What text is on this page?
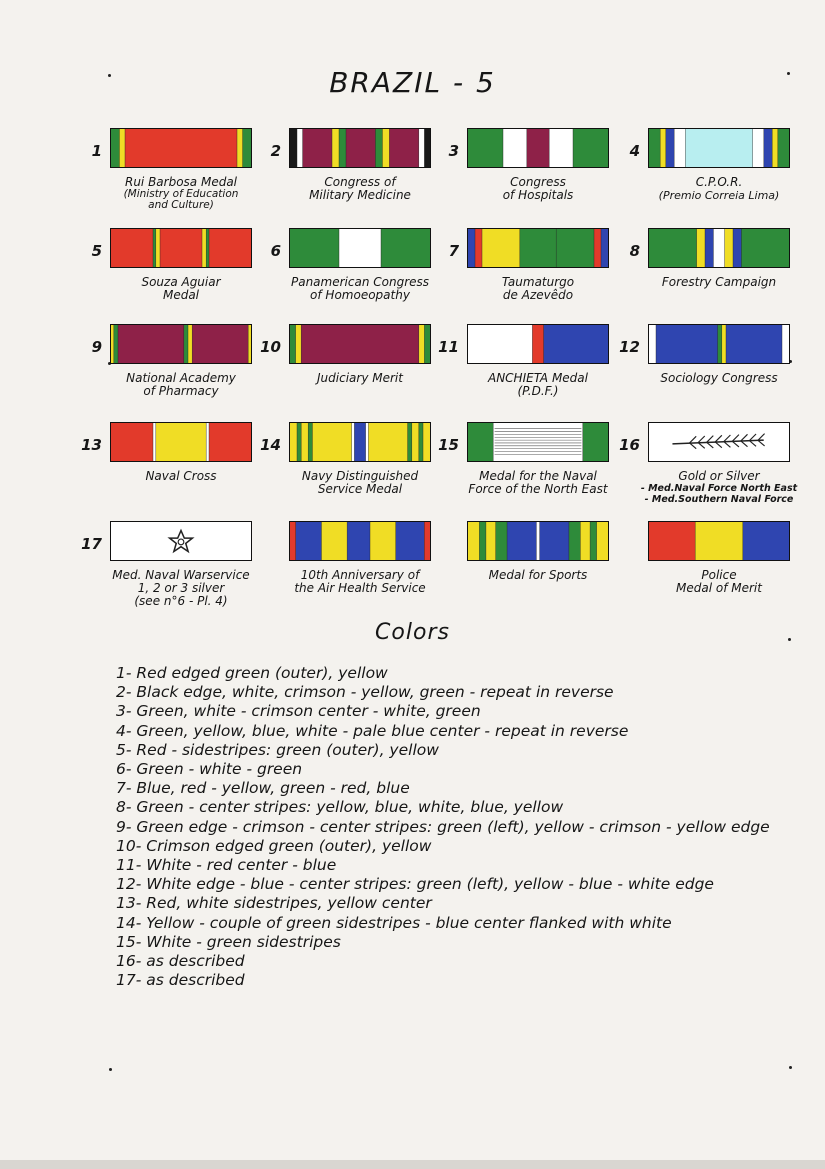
BRAZIL - 5
1
Rui Barbosa Medal
(Ministry of Education
and Culture)
2
Congress of
Military Medicine
3
Congress
of Hospitals
4
C.P.O.R.
(Premio Correia Lima)
5
Souza Aguiar
Medal
6
Panamerican Congress
of Homoeopathy
7
Taumaturgo
de Azevêdo
8
Forestry Campaign
9
National Academy
of Pharmacy
10
Judiciary Merit
11
ANCHIETA Medal
(P.D.F.)
12
Sociology Congress
13
Naval Cross
14
Navy Distinguished
Service Medal
15
Medal for the Naval
Force of the North East
16
Gold or Silver
- Med.Naval Force North East
- Med.Southern Naval Force
17
Med. Naval Warservice
1, 2 or 3 silver
(see n°6 - Pl. 4)
10th Anniversary of
the Air Health Service
Medal for Sports	Police
Medal of Merit
Colors
1- Red edged green (outer), yellow
2- Black edge, white, crimson - yellow, green - repeat in reverse
3- Green, white - crimson center - white, green
4- Green, yellow, blue, white - pale blue center - repeat in reverse
5- Red - sidestripes: green (outer), yellow
6- Green - white - green
7- Blue, red - yellow, green - red, blue
8- Green - center stripes: yellow, blue, white, blue, yellow
9- Green edge - crimson - center stripes: green (left), yellow - crimson - yellow edge
10- Crimson edged green (outer), yellow
11- White - red center - blue
12- White edge - blue - center stripes: green (left), yellow - blue - white edge
13- Red, white sidestripes, yellow center
14- Yellow - couple of green sidestripes - blue center flanked with white
15- White - green sidestripes
16- as described
17- as described
